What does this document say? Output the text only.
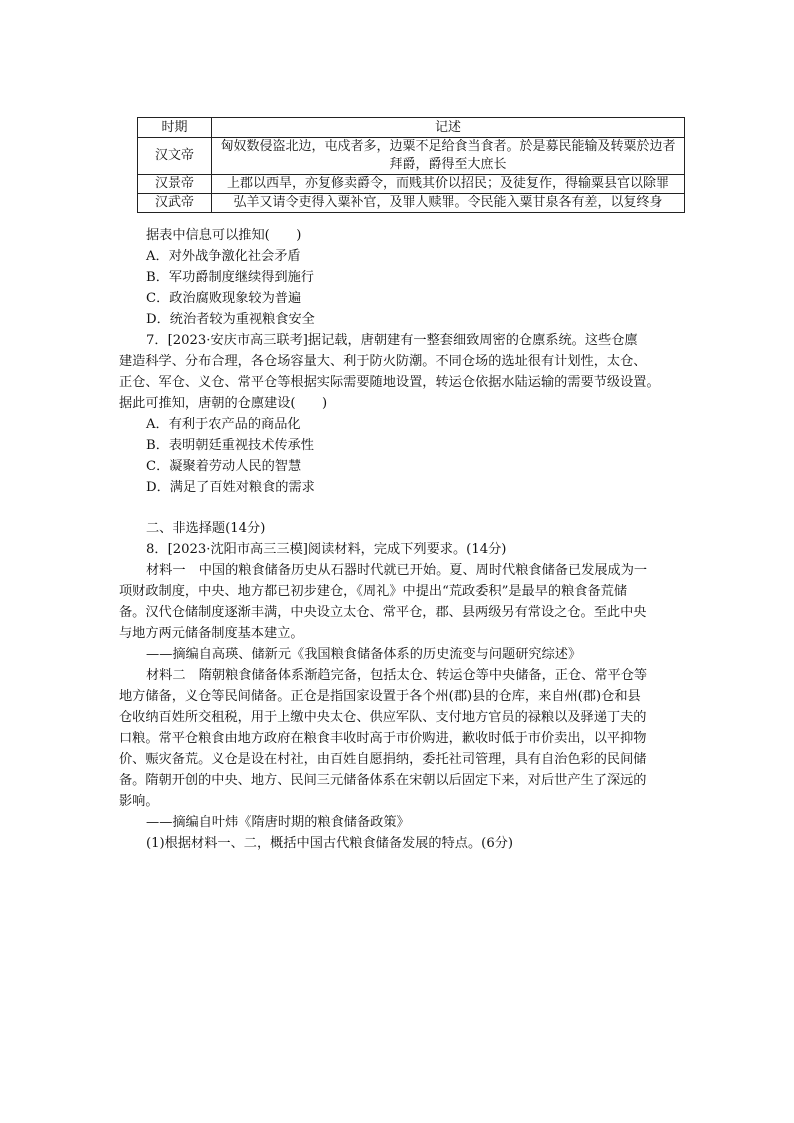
时期	记述
汉文帝	匈奴数侵盗北边，屯戍者多，边粟不足给食当食者。於是募民能输及转粟於边者
拜爵，爵得至大庶长

汉景帝	上郡以西旱，亦复修卖爵令，而贱其价以招民；及徒复作，得输粟县官以除罪

汉武帝	弘羊又请令吏得入粟补官，及罪人赎罪。令民能入粟甘泉各有差，以复终身
据表中信息可以推知(　　)
A．对外战争激化社会矛盾
B．军功爵制度继续得到施行
C．政治腐败现象较为普遍
D．统治者较为重视粮食安全
7．[2023·安庆市高三联考]据记载，唐朝建有一整套细致周密的仓廪系统。这些仓廪
建造科学、分布合理，各仓场容量大、利于防火防潮。不同仓场的选址很有计划性，太仓、
正仓、军仓、义仓、常平仓等根据实际需要随地设置，转运仓依据水陆运输的需要节级设置。
据此可推知，唐朝的仓廪建设(　　)
A．有利于农产品的商品化
B．表明朝廷重视技术传承性
C．凝聚着劳动人民的智慧
D．满足了百姓对粮食的需求
二、非选择题(14分)
8．[2023·沈阳市高三三模]阅读材料，完成下列要求。(14分)
材料一　中国的粮食储备历史从石器时代就已开始。夏、周时代粮食储备已发展成为一
项财政制度，中央、地方都已初步建仓，《周礼》中提出“荒政委积”是最早的粮食备荒储
备。汉代仓储制度逐渐丰满，中央设立太仓、常平仓，郡、县两级另有常设之仓。至此中央
与地方两元储备制度基本建立。
——摘编自高瑛、储新元《我国粮食储备体系的历史流变与问题研究综述》
材料二　隋朝粮食储备体系渐趋完备，包括太仓、转运仓等中央储备，正仓、常平仓等
地方储备，义仓等民间储备。正仓是指国家设置于各个州(郡)县的仓库，来自州(郡)仓和县
仓收纳百姓所交租税，用于上缴中央太仓、供应军队、支付地方官员的禄粮以及驿递丁夫的
口粮。常平仓粮食由地方政府在粮食丰收时高于市价购进，歉收时低于市价卖出，以平抑物
价、赈灾备荒。义仓是设在村社，由百姓自愿捐纳，委托社司管理，具有自治色彩的民间储
备。隋朝开创的中央、地方、民间三元储备体系在宋朝以后固定下来，对后世产生了深远的
影响。
——摘编自叶炜《隋唐时期的粮食储备政策》
(1)根据材料一、二，概括中国古代粮食储备发展的特点。(6分)
